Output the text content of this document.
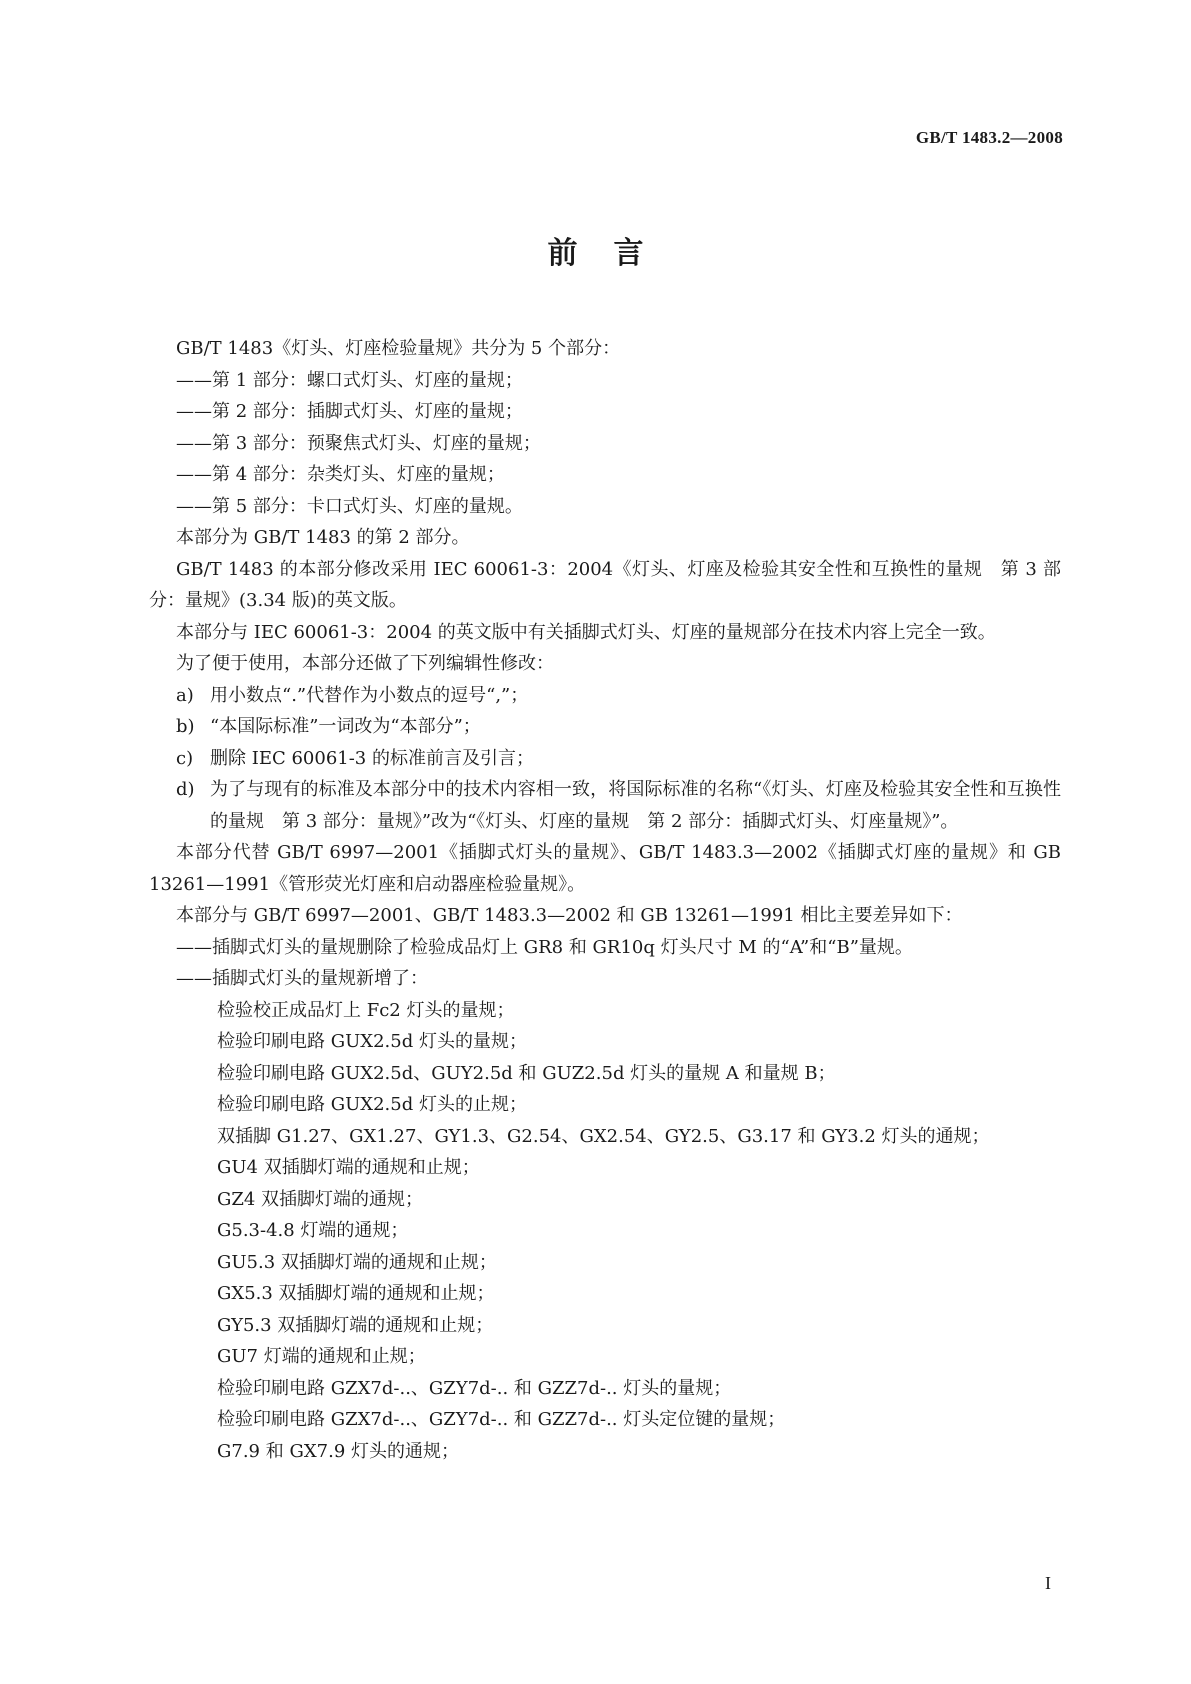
GB/T 1483.2—2008
前言
GB/T 1483《灯头、灯座检验量规》共分为 5 个部分：
——第 1 部分：螺口式灯头、灯座的量规；
——第 2 部分：插脚式灯头、灯座的量规；
——第 3 部分：预聚焦式灯头、灯座的量规；
——第 4 部分：杂类灯头、灯座的量规；
——第 5 部分：卡口式灯头、灯座的量规。
本部分为 GB/T 1483 的第 2 部分。
GB/T 1483 的本部分修改采用 IEC 60061-3：2004《灯头、灯座及检验其安全性和互换性的量规　第 3 部分：量规》(3.34 版)的英文版。
本部分与 IEC 60061-3：2004 的英文版中有关插脚式灯头、灯座的量规部分在技术内容上完全一致。
为了便于使用，本部分还做了下列编辑性修改：
a) 用小数点“.”代替作为小数点的逗号“,”；
b) “本国际标准”一词改为“本部分”；
c) 删除 IEC 60061-3 的标准前言及引言；
d) 为了与现有的标准及本部分中的技术内容相一致，将国际标准的名称“《灯头、灯座及检验其安全性和互换性的量规　第 3 部分：量规》”改为“《灯头、灯座的量规　第 2 部分：插脚式灯头、灯座量规》”。
本部分代替 GB/T 6997—2001《插脚式灯头的量规》、GB/T 1483.3—2002《插脚式灯座的量规》和 GB 13261—1991《管形荧光灯座和启动器座检验量规》。
本部分与 GB/T 6997—2001、GB/T 1483.3—2002 和 GB 13261—1991 相比主要差异如下：
——插脚式灯头的量规删除了检验成品灯上 GR8 和 GR10q 灯头尺寸 M 的“A”和“B”量规。
——插脚式灯头的量规新增了：
检验校正成品灯上 Fc2 灯头的量规；
检验印刷电路 GUX2.5d 灯头的量规；
检验印刷电路 GUX2.5d、GUY2.5d 和 GUZ2.5d 灯头的量规 A 和量规 B；
检验印刷电路 GUX2.5d 灯头的止规；
双插脚 G1.27、GX1.27、GY1.3、G2.54、GX2.54、GY2.5、G3.17 和 GY3.2 灯头的通规；
GU4 双插脚灯端的通规和止规；
GZ4 双插脚灯端的通规；
G5.3-4.8 灯端的通规；
GU5.3 双插脚灯端的通规和止规；
GX5.3 双插脚灯端的通规和止规；
GY5.3 双插脚灯端的通规和止规；
GU7 灯端的通规和止规；
检验印刷电路 GZX7d-..、GZY7d-.. 和 GZZ7d-.. 灯头的量规；
检验印刷电路 GZX7d-..、GZY7d-.. 和 GZZ7d-.. 灯头定位键的量规；
G7.9 和 GX7.9 灯头的通规；
I
